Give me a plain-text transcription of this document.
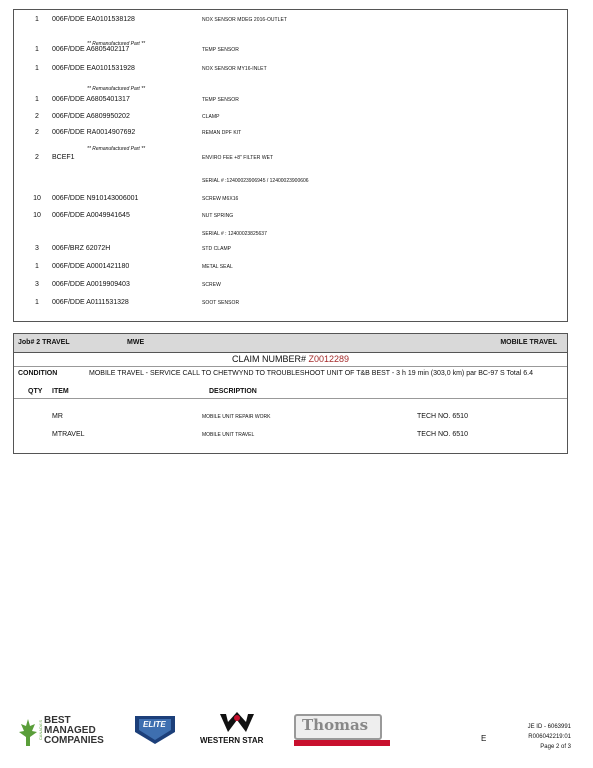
1	006F/DDE EA0101538128	NOX SENSOR MDEG 2016-OUTLET
** Remanufactured Part **
1	006F/DDE A6805402117	TEMP SENSOR
1	006F/DDE EA0101531928	NOX SENSOR MY16-INLET
** Remanufactured Part **
1	006F/DDE A6805401317	TEMP SENSOR
2	006F/DDE A6809950202	CLAMP
2	006F/DDE RA0014907692	REMAN DPF KIT
** Remanufactured Part **
2	BCEF1	ENVIRO FEE +8" FILTER WET
SERIAL # :12400023906945 / 12400023900606
10	006F/DDE N910143006001	SCREW M6X16
10	006F/DDE A0049941645	NUT SPRING
SERIAL # : 12400023825637
3	006F/BRZ 62072H	STD CLAMP
1	006F/DDE A0001421180	METAL SEAL
3	006F/DDE A0019909403	SCREW
1	006F/DDE A0111531328	SOOT SENSOR
Job# 2 TRAVEL	MWE	MOBILE TRAVEL
CLAIM NUMBER# Z0012289
CONDITION	MOBILE TRAVEL - SERVICE CALL TO CHETWYND TO TROUBLESHOOT UNIT OF T&B BEST - 3 h 19 min (303,0 km) par BC-97 S Total 6.4
QTY ITEM	DESCRIPTION
MR	MOBILE UNIT REPAIR WORK	TECH NO. 6510
MTRAVEL	MOBILE UNIT TRAVEL	TECH NO. 6510
CANADA'S BEST
MANAGED
COMPANIES
ELITE
WESTERN STAR
Thomas
E
JE ID - 6063991
R006042219:01
Page 2 of 3
